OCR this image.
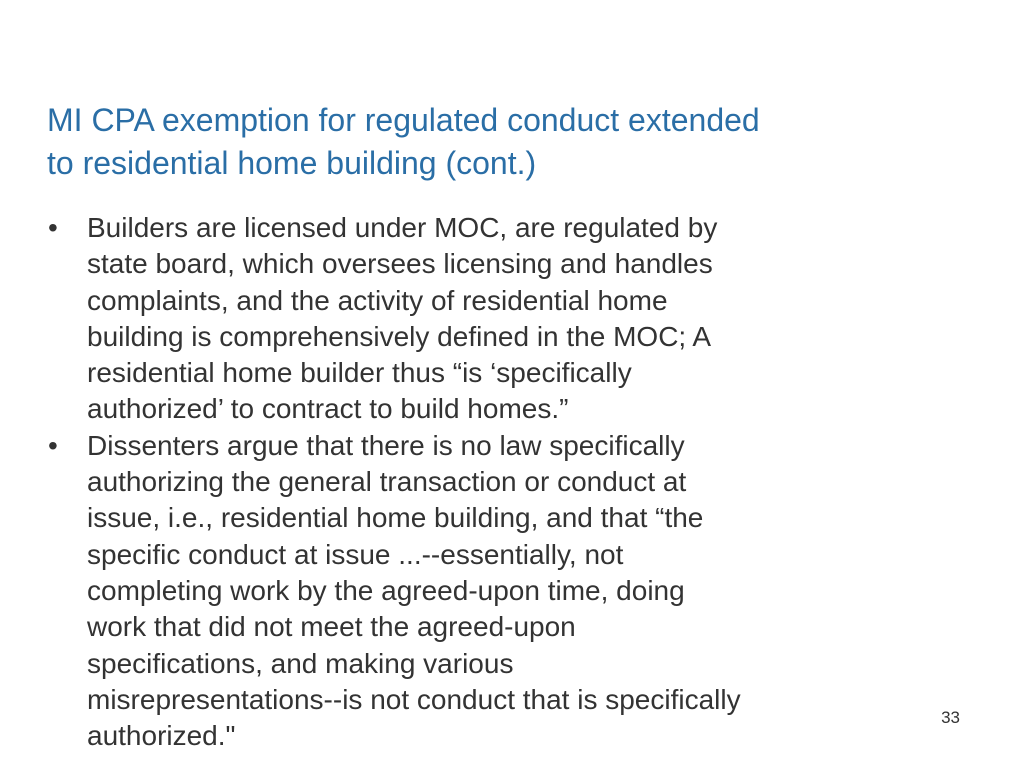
MI CPA exemption for regulated conduct extended
to residential home building (cont.)
• Builders are licensed under MOC, are regulated by
state board, which oversees licensing and handles
complaints, and the activity of residential home
building is comprehensively defined in the MOC; A
residential home builder thus “is ‘specifically
authorized’ to contract to build homes.”
• Dissenters argue that there is no law specifically
authorizing the general transaction or conduct at
issue, i.e., residential home building, and that “the
specific conduct at issue ...--essentially, not
completing work by the agreed-upon time, doing
work that did not meet the agreed-upon
specifications, and making various
misrepresentations--is not conduct that is specifically
authorized."
33
